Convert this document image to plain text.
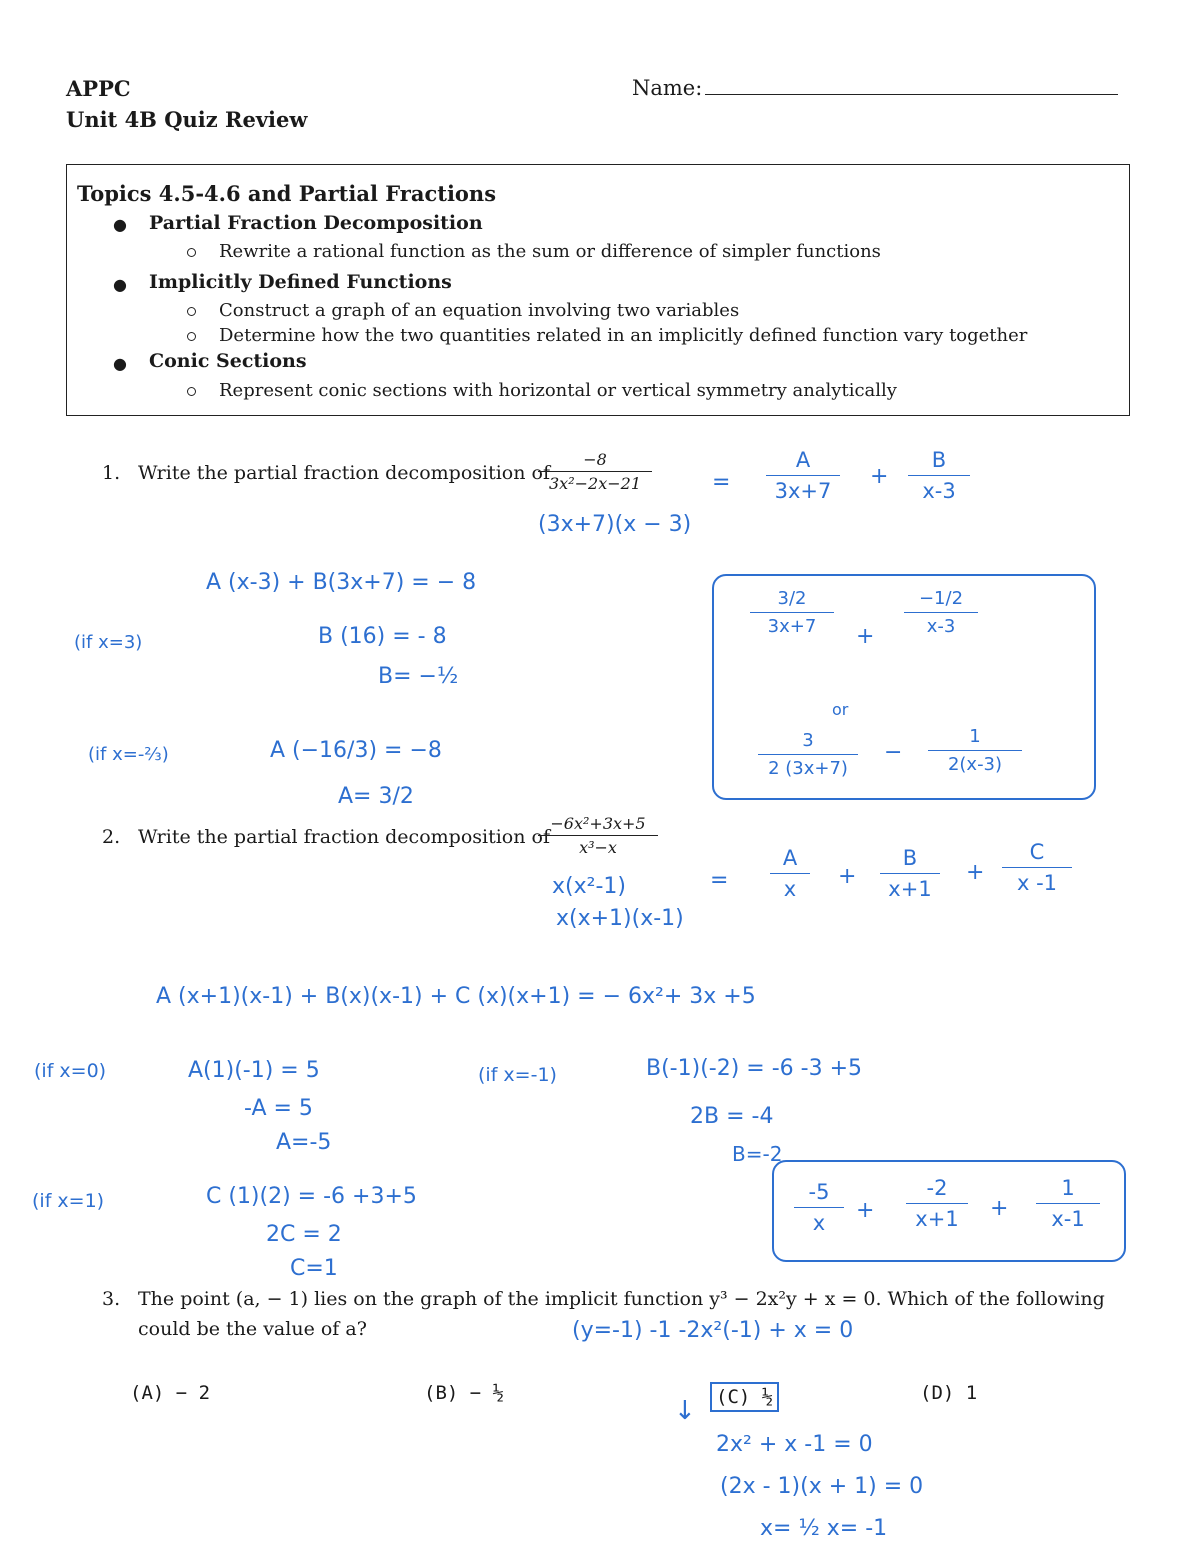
APPC
Unit 4B Quiz Review
Name:
Topics 4.5-4.6 and Partial Fractions
● Partial Fraction Decomposition
Rewrite a rational function as the sum or difference of simpler functions
● Implicitly Defined Functions
Construct a graph of an equation involving two variables
Determine how the two quantities related in an implicitly defined function vary together
● Conic Sections
Represent conic sections with horizontal or vertical symmetry analytically
1. Write the partial fraction decomposition of
−8
3x²−2x−21	=
A
3x+7
+
B
x-3
(3x+7)(x − 3)
A (x-3) + B(3x+7) = − 8
(if x=3)	B (16) = - 8
B= −½
(if x=-⅔)	A (−16/3) = −8
A= 3/2
3/2
3x+7	+
−1/2
x-3
or
3
2 (3x+7)
−
1
2(x-3)
2. Write the partial fraction decomposition of
−6x²+3x+5
x³−x
x(x²-1)
x(x+1)(x-1)
=
A
x	+
B
x+1
+
C
x -1
A (x+1)(x-1) + B(x)(x-1) + C (x)(x+1) = − 6x²+ 3x +5
(if x=0)	A(1)(-1) = 5
-A = 5
A=-5
(if x=-1)	B(-1)(-2) = -6 -3 +5
2B = -4
B=-2
(if x=1)	C (1)(2) = -6 +3+5
2C = 2
C=1
-5
x	+
-2
x+1	+
1
x-1
3. The point (a, − 1) lies on the graph of the implicit function y³ − 2x²y + x = 0. Which of the following
could be the value of a?	(y=-1) -1 -2x²(-1) + x = 0
(A) − 2	(B) − ½	(C) ½	(D) 1
↓
2x² + x -1 = 0
(2x - 1)(x + 1) = 0
x= ½ x= -1
